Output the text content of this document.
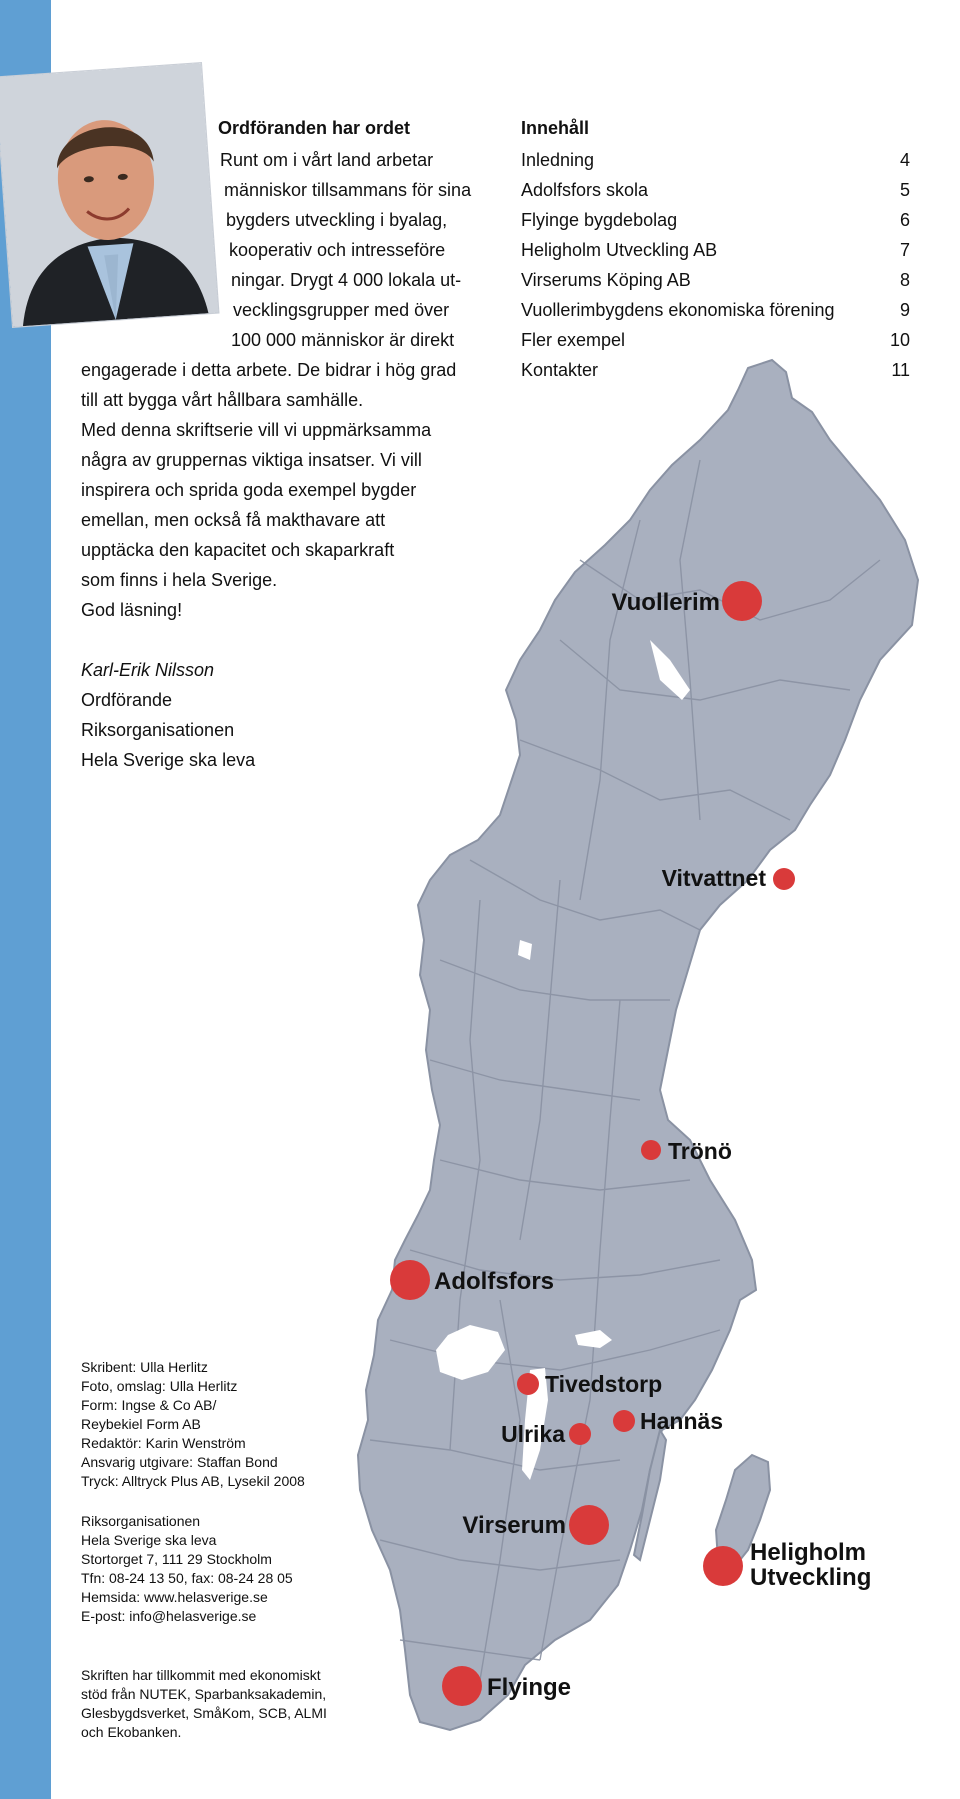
Ordföranden har ordet
Runt om i vårt land arbetar
människor tillsammans för sina
bygders utveckling i byalag,
kooperativ och intresseföre
ningar. Drygt 4 000 lokala ut-
vecklingsgrupper med över
100 000 människor är direkt
engagerade i detta arbete. De bidrar i hög grad
till att bygga vårt hållbara samhälle.
Med denna skriftserie vill vi uppmärksamma
några av gruppernas viktiga insatser. Vi vill
inspirera och sprida goda exempel bygder
emellan, men också få makthavare att
upptäcka den kapacitet och skaparkraft
som finns i hela Sverige.
God läsning!
Karl-Erik Nilsson
Ordförande
Riksorganisationen
Hela Sverige ska leva
Innehåll
Inledning	4
Adolfsfors skola	5
Flyinge bygdebolag	6
Heligholm Utveckling AB	7
Virserums Köping AB	8
Vuollerimbygdens ekonomiska förening	9
Fler exempel	10
Kontakter	11
Vuollerim
Vitvattnet
Trönö
Adolfsfors
Tivedstorp
Ulrika	Hannäs
Virserum
Heligholm
Utveckling
Flyinge
Skribent: Ulla Herlitz
Foto, omslag: Ulla Herlitz
Form: Ingse & Co AB/
Reybekiel Form AB
Redaktör: Karin Wenström
Ansvarig utgivare: Staffan Bond
Tryck: Alltryck Plus AB, Lysekil 2008
Riksorganisationen
Hela Sverige ska leva
Stortorget 7, 111 29 Stockholm
Tfn: 08-24 13 50, fax: 08-24 28 05
Hemsida: www.helasverige.se
E-post: info@helasverige.se
Skriften har tillkommit med ekonomiskt
stöd från NUTEK, Sparbanksakademin,
Glesbygdsverket, SmåKom, SCB, ALMI
och Ekobanken.
